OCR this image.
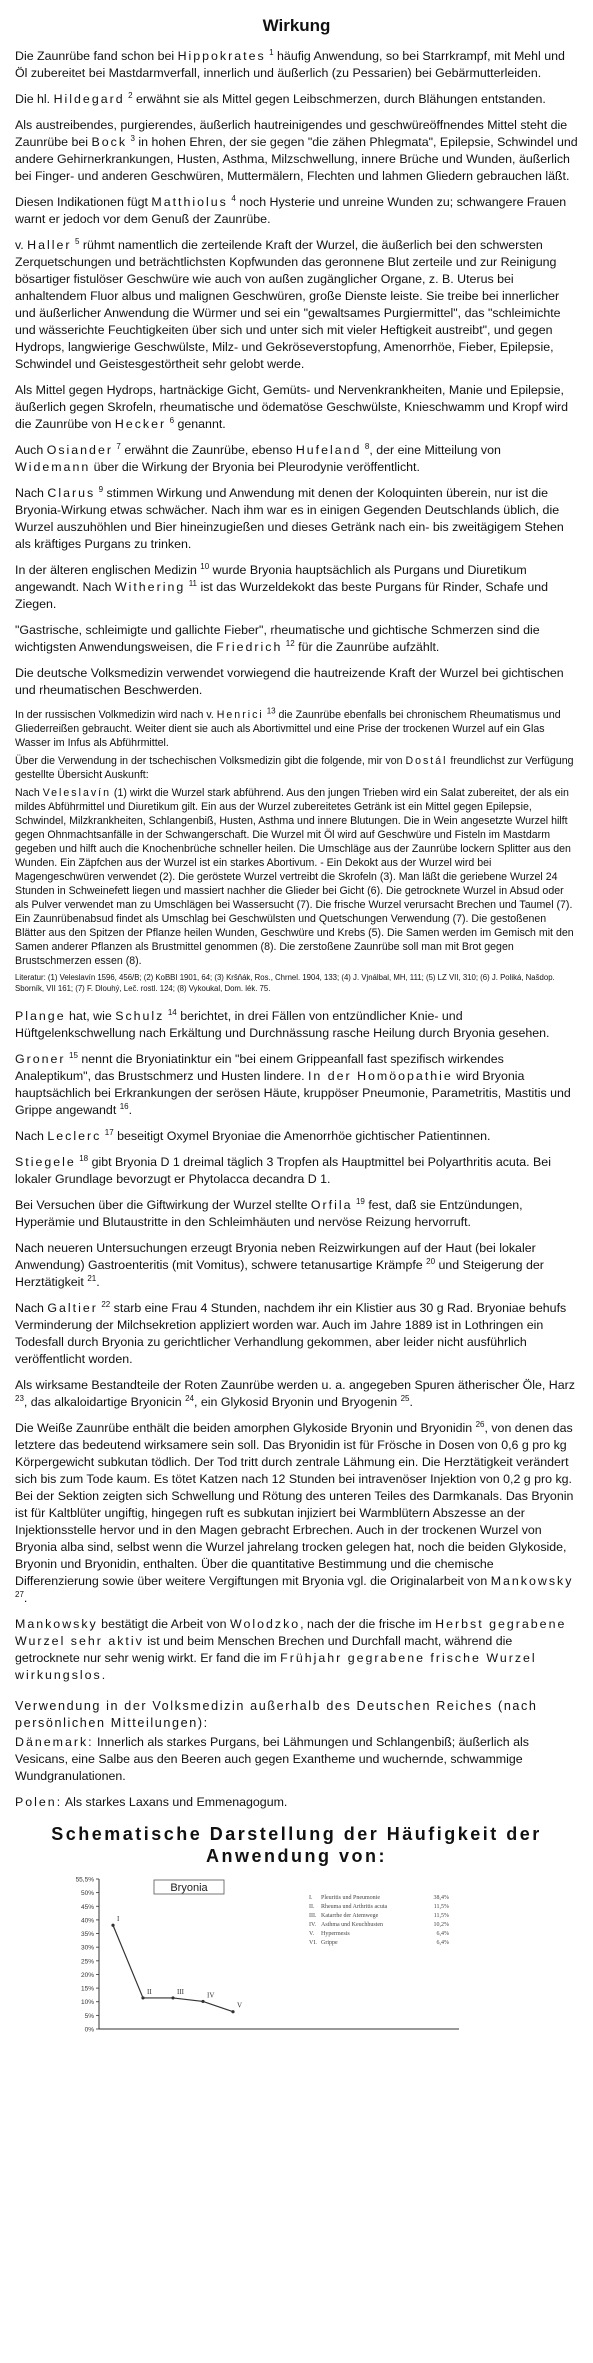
Wirkung

Die Zaunrübe fand schon bei Hippokrates $^1$ häufig Anwendung, so bei Starrkrampf, mit Mehl und Öl zubereitet bei Mastdarmverfall, innerlich und äußerlich (zu Pessarien) bei Gebärmutterleiden.

Die hl. Hildegard $^2$ erwähnt sie als Mittel gegen Leibschmerzen, durch Blähungen entstanden.

Als austreibendes, purgierendes, äußerlich hautreinigendes und geschwüreöffnendes Mittel steht die Zaunrübe bei Bock $^3$ in hohen Ehren, der sie gegen "die zähen Phlegmata", Epilepsie, Schwindel und andere Gehirnerkrankungen, Husten, Asthma, Milzschwellung, innere Brüche und Wunden, äußerlich bei Finger- und anderen Geschwüren, Muttermälern, Flechten und lahmen Gliedern gebrauchen läßt.

Diesen Indikationen fügt Matthiolus $^4$ noch Hysterie und unreine Wunden zu; schwangere Frauen warnt er jedoch vor dem Genuß der Zaunrübe.

v. Haller $^5$ rühmt namentlich die zerteilende Kraft der Wurzel, die äußerlich bei den schwersten Zerquetschungen und beträchtlichsten Kopfwunden das geronnene Blut zerteile und zur Reinigung bösartiger fistulöser Geschwüre wie auch von außen zugänglicher Organe, z. B. Uterus bei anhaltendem Fluor albus und malignen Geschwüren, große Dienste leiste. Sie treibe bei innerlicher und äußerlicher Anwendung die Würmer und sei ein "gewaltsames Purgiermittel", das "schleimichte und wässerichte Feuchtigkeiten über sich und unter sich mit vieler Heftigkeit austreibt", und gegen Hydrops, langwierige Geschwülste, Milz- und Gekröseverstopfung, Amenorrhöe, Fieber, Epilepsie, Schwindel und Geistesgestörtheit sehr gelobt werde.

Als Mittel gegen Hydrops, hartnäckige Gicht, Gemüts- und Nervenkrankheiten, Manie und Epilepsie, äußerlich gegen Skrofeln, rheumatische und ödematöse Geschwülste, Knieschwamm und Kropf wird die Zaunrübe von Hecker $^6$ genannt.

Auch Osiander $^7$ erwähnt die Zaunrübe, ebenso Hufeland $^8$, der eine Mitteilung von Widemann über die Wirkung der Bryonia bei Pleurodynie veröffentlicht.

Nach Clarus $^9$ stimmen Wirkung und Anwendung mit denen der Koloquinten überein, nur ist die Bryonia-Wirkung etwas schwächer. Nach ihm war es in einigen Gegenden Deutschlands üblich, die Wurzel auszuhöhlen und Bier hineinzugießen und dieses Getränk nach ein- bis zweitägigem Stehen als kräftiges Purgans zu trinken.

In der älteren englischen Medizin $^{10}$ wurde Bryonia hauptsächlich als Purgans und Diuretikum angewandt. Nach Withering $^{11}$ ist das Wurzeldekokt das beste Purgans für Rinder, Schafe und Ziegen.

"Gastrische, schleimigte und gallichte Fieber", rheumatische und gichtische Schmerzen sind die wichtigsten Anwendungsweisen, die Friedrich $^{12}$ für die Zaunrübe aufzählt.

Die deutsche Volksmedizin verwendet vorwiegend die hautreizende Kraft der Wurzel bei gichtischen und rheumatischen Beschwerden.

In der russischen Volkmedizin wird nach v. Henrici $^{13}$ die Zaunrübe ebenfalls bei chronischem Rheumatismus und Gliederreißen gebraucht. Weiter dient sie auch als Abortivmittel und eine Prise der trockenen Wurzel auf ein Glas Wasser im Infus als Abführmittel.

Über die Verwendung in der tschechischen Volksmedizin gibt die folgende, mir von Dostál freundlichst zur Verfügung gestellte Übersicht Auskunft:

Nach Veleslavín (1) wirkt die Wurzel stark abführend. Aus den jungen Trieben wird ein Salat zubereitet, der als ein mildes Abführmittel und Diuretikum gilt. Ein aus der Wurzel zubereitetes Getränk ist ein Mittel gegen Epilepsie, Schwindel, Milzkrankheiten, Schlangenbiß, Husten, Asthma und innere Blutungen. Die in Wein angesetzte Wurzel hilft gegen Ohnmachtsanfälle in der Schwangerschaft. Die Wurzel mit Öl wird auf Geschwüre und Fisteln im Mastdarm gegeben und hilft auch die Knochenbrüche schneller heilen. Die Umschläge aus der Zaunrübe lockern Splitter aus den Wunden. Ein Zäpfchen aus der Wurzel ist ein starkes Abortivum. - Ein Dekokt aus der Wurzel wird bei Magengeschwüren verwendet (2). Die geröstete Wurzel vertreibt die Skrofeln (3). Man läßt die geriebene Wurzel 24 Stunden in Schweinefett liegen und massiert nachher die Glieder bei Gicht (6). Die getrocknete Wurzel in Absud oder als Pulver verwendet man zu Umschlägen bei Wassersucht (7). Die frische Wurzel verursacht Brechen und Taumel (7). Ein Zaunrübenabsud findet als Umschlag bei Geschwülsten und Quetschungen Verwendung (7). Die gestoßenen Blätter aus den Spitzen der Pflanze heilen Wunden, Geschwüre und Krebs (5). Die Samen werden im Gemisch mit den Samen anderer Pflanzen als Brustmittel genommen (8). Die zerstoßene Zaunrübe soll man mit Brot gegen Brustschmerzen essen (8).

Literatur: (1) Veleslavín 1596, 456/B; (2) KoBBI 1901, 64; (3) Kršňák, Ros., Chrnel. 1904, 133; (4) J. Vjnálbal, MH, 111; (5) LZ VII, 310; (6) J. Poliká, Našdop. Sborník, VII 161; (7) F. Dlouhý, Leč. rostl. 124; (8) Vykoukal, Dom. lék. 75.

Plange hat, wie Schulz $^{14}$ berichtet, in drei Fällen von entzündlicher Knie- und Hüftgelenkschwellung nach Erkältung und Durchnässung rasche Heilung durch Bryonia gesehen.

Groner $^{15}$ nennt die Bryoniatinktur ein "bei einem Grippeanfall fast spezifisch wirkendes Analeptikum", das Brustschmerz und Husten lindere. In der Homöopathie wird Bryonia hauptsächlich bei Erkrankungen der serösen Häute, kruppöser Pneumonie, Parametritis, Mastitis und Grippe angewandt $^{16}$.

Nach Leclerc $^{17}$ beseitigt Oxymel Bryoniae die Amenorrhöe gichtischer Patientinnen.

Stiegele $^{18}$ gibt Bryonia D 1 dreimal täglich 3 Tropfen als Hauptmittel bei Polyarthritis acuta. Bei lokaler Grundlage bevorzugt er Phytolacca decandra D 1.

Bei Versuchen über die Giftwirkung der Wurzel stellte Orfila $^{19}$ fest, daß sie Entzündungen, Hyperämie und Blutaustritte in den Schleimhäuten und nervöse Reizung hervorruft.

Nach neueren Untersuchungen erzeugt Bryonia neben Reizwirkungen auf der Haut (bei lokaler Anwendung) Gastroenteritis (mit Vomitus), schwere tetanusartige Krämpfe $^{20}$ und Steigerung der Herztätigkeit $^{21}$.

Nach Galtier $^{22}$ starb eine Frau 4 Stunden, nachdem ihr ein Klistier aus 30 g Rad. Bryoniae behufs Verminderung der Milchsekretion appliziert worden war. Auch im Jahre 1889 ist in Lothringen ein Todesfall durch Bryonia zu gerichtlicher Verhandlung gekommen, aber leider nicht ausführlich veröffentlicht worden.

Als wirksame Bestandteile der Roten Zaunrübe werden u. a. angegeben Spuren ätherischer Öle, Harz $^{23}$, das alkaloidartige Bryonicin $^{24}$, ein Glykosid Bryonin und Bryogenin $^{25}$.

Die Weiße Zaunrübe enthält die beiden amorphen Glykoside Bryonin und Bryonidin $^{26}$, von denen das letztere das bedeutend wirksamere sein soll. Das Bryonidin ist für Frösche in Dosen von 0,6 g pro kg Körpergewicht subkutan tödlich. Der Tod tritt durch zentrale Lähmung ein. Die Herztätigkeit verändert sich bis zum Tode kaum. Es tötet Katzen nach 12 Stunden bei intravenöser Injektion von 0,2 g pro kg. Bei der Sektion zeigten sich Schwellung und Rötung des unteren Teiles des Darmkanals. Das Bryonin ist für Kaltblüter ungiftig, hingegen ruft es subkutan injiziert bei Warmblütern Abszesse an der Injektionsstelle hervor und in den Magen gebracht Erbrechen. Auch in der trockenen Wurzel von Bryonia alba sind, selbst wenn die Wurzel jahrelang trocken gelegen hat, noch die beiden Glykoside, Bryonin und Bryonidin, enthalten. Über die quantitative Bestimmung und die chemische Differenzierung sowie über weitere Vergiftungen mit Bryonia vgl. die Originalarbeit von Mankowsky $^{27}$.

Mankowsky bestätigt die Arbeit von Wolodzko, nach der die frische im Herbst gegrabene Wurzel sehr aktiv ist und beim Menschen Brechen und Durchfall macht, während die getrocknete nur sehr wenig wirkt. Er fand die im Frühjahr gegrabene frische Wurzel wirkungslos.

Verwendung in der Volksmedizin außerhalb des Deutschen Reiches (nach persönlichen Mitteilungen):

Dänemark: Innerlich als starkes Purgans, bei Lähmungen und Schlangenbiß; äußerlich als Vesicans, eine Salbe aus den Beeren auch gegen Exantheme und wuchernde, schwammige Wundgranulationen.

Polen: Als starkes Laxans und Emmenagogum.

Schematische Darstellung der Häufigkeit der Anwendung von:
55,5%
50%
45%
40%
35%
30%
25%
20%
15%
10%
5%
0%
Bryonia
I
II	III	IV
V
I. Pleuritis und Pneumonie	38,4%
II. Rheuma und Arthritis acuta	11,5%
III. Katarrhe der Atemwege	11,5%
IV. Asthma und Keuchhusten	10,2%
V. Hypermesis	6,4%
VI. Grippe	6,4%
